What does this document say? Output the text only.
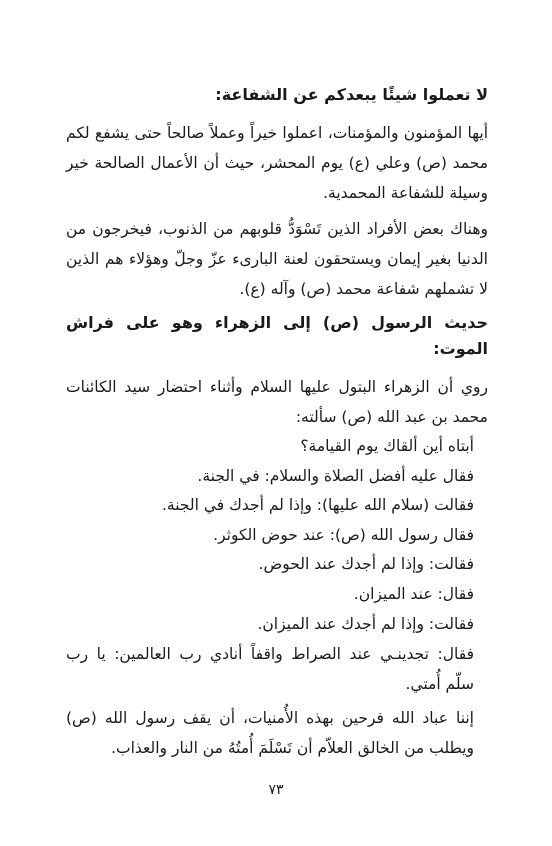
لا تعملوا شيئًا يبعدكم عن الشفاعة:

أيها المؤمنون والمؤمنات، اعملوا خيراً وعملاً صالحاً حتى يشفع لكم محمد (ص) وعلي (ع) يوم المحشر، حيث أن الأعمال الصالحة خير وسيلة للشفاعة المحمدية.

وهناك بعض الأفراد الذين تَسْوَدُّ قلوبهم من الذنوب، فيخرجون من الدنيا بغير إيمان ويستحقون لعنة البارىء عزّ وجلّ وهؤلاء هم الذين لا تشملهم شفاعة محمد (ص) وآله (ع).

حديث الرسول (ص) إلى الزهراء وهو على فراش الموت:

روي أن الزهراء البتول عليها السلام وأثناء احتضار سيد الكائنات محمد بن عبد الله (ص) سألته:

أبتاه أين ألقاك يوم القيامة؟

فقال عليه أفضل الصلاة والسلام: في الجنة.

فقالت (سلام الله عليها): وإذا لم أجدك في الجنة.

فقال رسول الله (ص): عند حوض الكوثر.

فقالت: وإذا لم أجدك عند الحوض.

فقال: عند الميزان.

فقالت: وإذا لم أجدك عند الميزان.

فقال: تجدينـي عند الصراط واقفاً أنادي رب العالمين: يا رب سلّم أُمتي.

إننا عباد الله فرحين بهذه الأُمنيات، أن يقف رسول الله (ص) ويطلب من الخالق العلاّم أن تَسْلَمَ أُمتُهُ من النار والعذاب.

٧٣
